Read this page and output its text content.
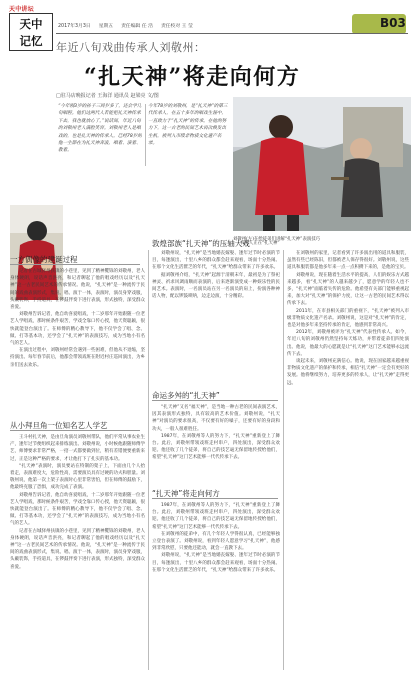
天中讲坛
天中
记忆
2017年3月3日 星期五 责任编辑 任 浩 责任校对 王 莹	B03
年近八旬戏曲传承人刘敬州：
“扎天神”将走向何方
□驻马店晚报记者 王海洋 通讯员 赵梁亮 文/图
“今年刚3岁的孙子三周岁多了，还会学几句唱腔。他们这两代人若能把扎天神传承下去，我也就放心了。”说话间，年近八旬的刘敬州老人满脸笑容。刘敬州老人是唱戏的，也是扎天神的传承人。已经78岁的他一生都在为扎天神奔波，唱着、演着、教着。
今年78岁的刘敬州，是“扎天神”的第三代传承人，在五十多年的唱戏生涯中，一直致力于“扎天神”的传承。在他的努力下，这一古老的民间艺术再次焕发出生机，被列入市级非物质文化遗产名录。
刘敬州(左)在给徒弟们讲解“扎天神”表演技巧
农村人正在“扎天神”
一方偶像的建诞过程

记者在古城驿州扶镇的小巷里，见到了精神矍铄的刘敬州，老人身体硬朗，说话声音洪亮，和记者聊起了他的唱戏经历以及“扎天神”这一古老民间艺术的传承情况。他说，“扎天神”是一种流传于民间的戏曲表演形式，集说、唱、演于一体，表演时，演员身穿戏服，头戴装饰，手持道具，在锣鼓伴奏下进行表演，形式独特，深受群众喜爱。

刘敬州告诉记者，他自幼喜爱唱戏，十二岁那年开始跟随一位老艺人学唱戏，那时候条件艰苦，学戏全靠口传心授，他天资聪颖，很快就能登台演出了。在师傅的精心教导下，他不仅学会了唱、念、做、打等基本功，还学会了“扎天神”的表演技巧，成为当地小有名气的艺人。

在演出过程中，刘敬州经常会遇到一些困难，但他从不退缩，坚持演出。每年春节前后，他都会带领戏班在附近村庄巡回演出，为乡亲们送去欢乐。

从小拜旦角一位知名艺人学艺

王斗村扎天神，是由旦角演员刘敬州带队，他们平常从事农业生产，逢年过节便组织起来排练演出。刘敬州说，小时候他跟随师傅学艺，师傅要求非常严格，一招一式都要做到位，稍有差错便要重新来过，正是这种严格的要求，才让他打下了扎实的基本功。

“扎天神”表演时，演员要站在特制的架子上，下面由几个人抬着走，表演难度大，危险性高，需要演员具有过硬的功夫和胆量。刘敬州说，他第一次上架子表演时心里非常害怕，但在师傅的鼓励下，他最终克服了恐惧，成功完成了表演。

刘敬州告诉记者，他自幼喜爱唱戏，十二岁那年开始跟随一位老艺人学唱戏，那时候条件艰苦，学戏全靠口传心授，他天资聪颖，很快就能登台演出了。在师傅的精心教导下，他不仅学会了唱、念、做、打等基本功，还学会了“扎天神”的表演技巧，成为当地小有名气的艺人。

记者在古城驿州扶镇的小巷里，见到了精神矍铄的刘敬州，老人身体硬朗，说话声音洪亮，和记者聊起了他的唱戏经历以及“扎天神”这一古老民间艺术的传承情况。他说，“扎天神”是一种流传于民间的戏曲表演形式，集说、唱、演于一体，表演时，演员身穿戏服，头戴装饰，手持道具，在锣鼓伴奏下进行表演，形式独特，深受群众喜爱。

敦煌部族“扎天神”的压轴大戏

刘敬州说，“扎天神”是当地婚丧嫁娶、逢年过节时必演的节目，每逢演出，十里八乡的群众都会赶来观看，场面十分热闹。在那个文化生活匮乏的年代，“扎天神”给群众带来了许多欢乐。

据刘敬州介绍，“扎天神”起源于清朝末年，最初是为了祭祀神灵、祈求风调雨顺而表演的，后来逐渐演变成一种娱乐性的民间艺术。表演时，一名演员站在另一名演员的肩上，扮演各种神话人物，配以锣鼓唢呐，边走边演，十分精彩。

命运多舛的“扎天神”

“扎天神”又名“福天神”，是当地一种古老的民间表演艺术，因其表演形式独特，具有较高的艺术价值。刘敬州说，“扎天神”对演员的要求很高，不仅要有好的嗓子，还要有好的身段和功夫，一般人很难胜任。

1987年，在刘敬州等人的努力下，“扎天神”重新登上了舞台。此后，刘敬州带领戏班走村串户，四处演出，深受群众欢迎。他还收了几个徒弟，将自己的技艺毫无保留地传授给他们，希望“扎天神”这门艺术能够一代代传承下去。

“扎天神”将走向何方

1987年，在刘敬州等人的努力下，“扎天神”重新登上了舞台。此后，刘敬州带领戏班走村串户，四处演出，深受群众欢迎。他还收了几个徒弟，将自己的技艺毫无保留地传授给他们，希望“扎天神”这门艺术能够一代代传承下去。

在刘敬州的徒弟中，有几个年轻人学得很认真，已经能够独立登台表演了。刘敬州说，看到年轻人愿意学习“扎天神”，他感到非常欣慰，只要他还能动，就会一直教下去。

刘敬州说，“扎天神”是当地婚丧嫁娶、逢年过节时必演的节目，每逢演出，十里八乡的群众都会赶来观看，场面十分热闹。在那个文化生活匮乏的年代，“扎天神”给群众带来了许多欢乐。

在刘敬州的家里，记者看到了许多演出用的道具和服装，虽然有些已经陈旧，但都被老人保存得很好。刘敬州说，这些道具和服装都是他多年来一点一点积攒下来的，是他的宝贝。

刘敬州说，现在随着生活水平的提高，人们的娱乐方式越来越多，看“扎天神”的人越来越少了，愿意学的年轻人也不多，“扎天神”面临着失传的危险。他希望有关部门能够重视起来，加大对“扎天神”的保护力度，让这一古老的民间艺术得以传承下去。

2011年，在市县相关部门的重视下，“扎天神”被列入市级非物质文化遗产名录。刘敬州说，这是对“扎天神”的肯定，也是对他多年来坚持传承的肯定，他感到非常高兴。

2012年，刘敬州被评为“扎天神”代表性传承人。如今，年近八旬的刘敬州仍然坚持每天练功，并带着徒弟们四处演出。他说，他最大的心愿就是让“扎天神”这门艺术能够永远流传下去。

谈起未来，刘敬州充满信心。他说，现在国家越来越重视非物质文化遗产的保护和传承，相信“扎天神”一定会有更好的发展。他将继续努力，培养更多的传承人，让“扎天神”走得更远。
